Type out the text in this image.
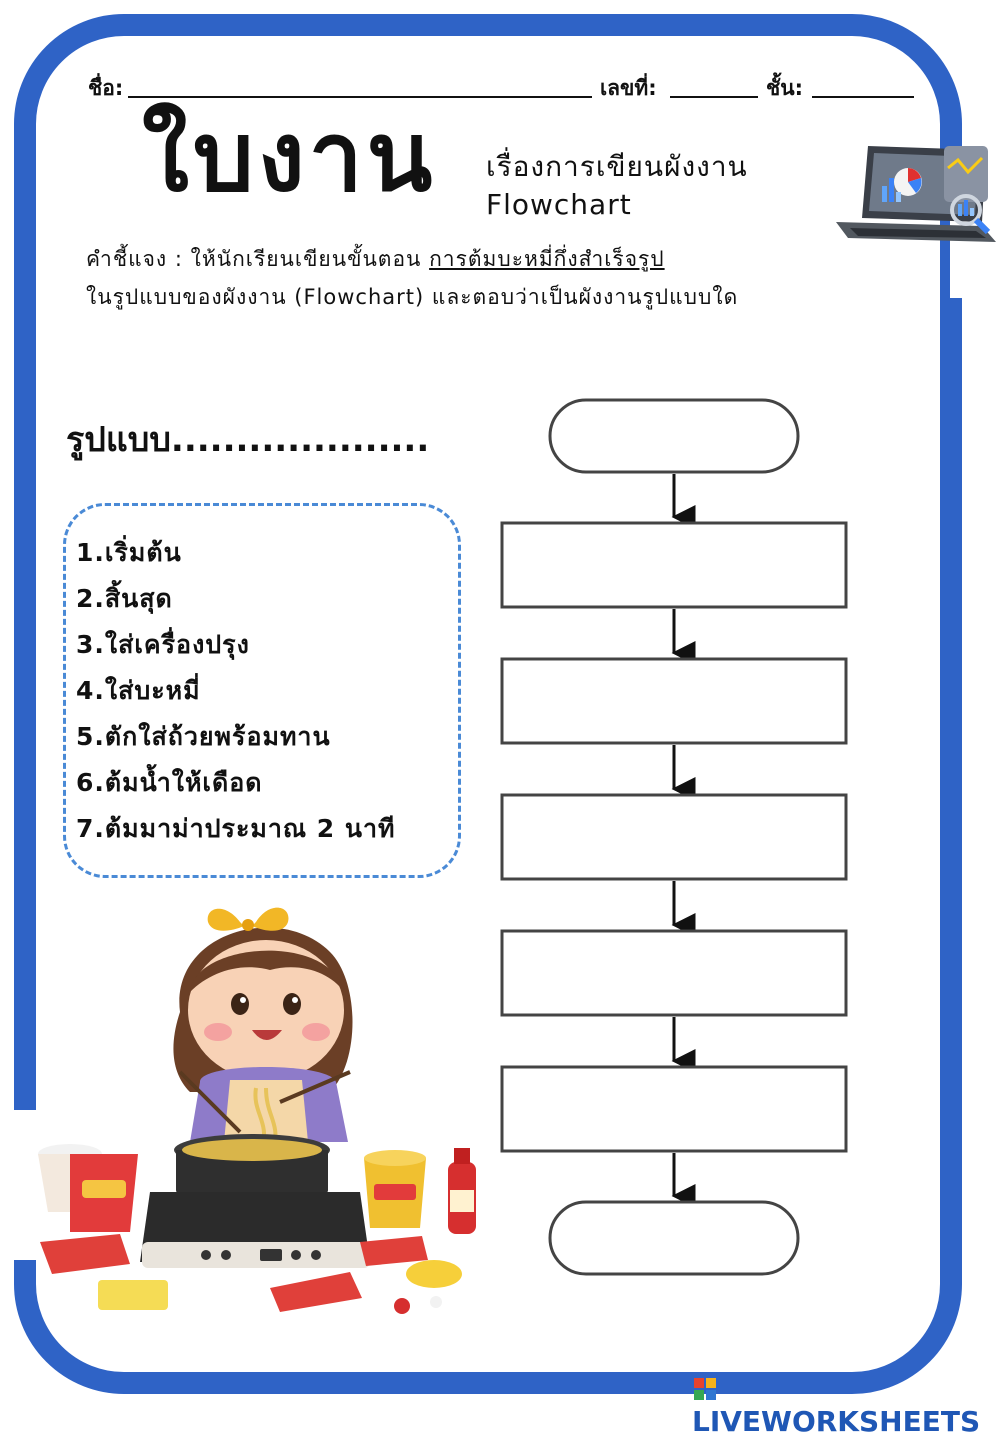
ชื่อ:	เลขที่:	ชั้น:
ใบงาน เรื่องการเขียนผังงาน
Flowchart
คำชี้แจง : ให้นักเรียนเขียนขั้นตอน การต้มบะหมี่กึ่งสำเร็จรูป
ในรูปแบบของผังงาน (Flowchart) และตอบว่าเป็นผังงานรูปแบบใด
รูปแบบ....................
1.เริ่มต้น
2.สิ้นสุด
3.ใส่เครื่องปรุง
4.ใส่บะหมี่
5.ตักใส่ถ้วยพร้อมทาน
6.ต้มน้ำให้เดือด
7.ต้มมาม่าประมาณ 2 นาที
LIVEWORKSHEETS
